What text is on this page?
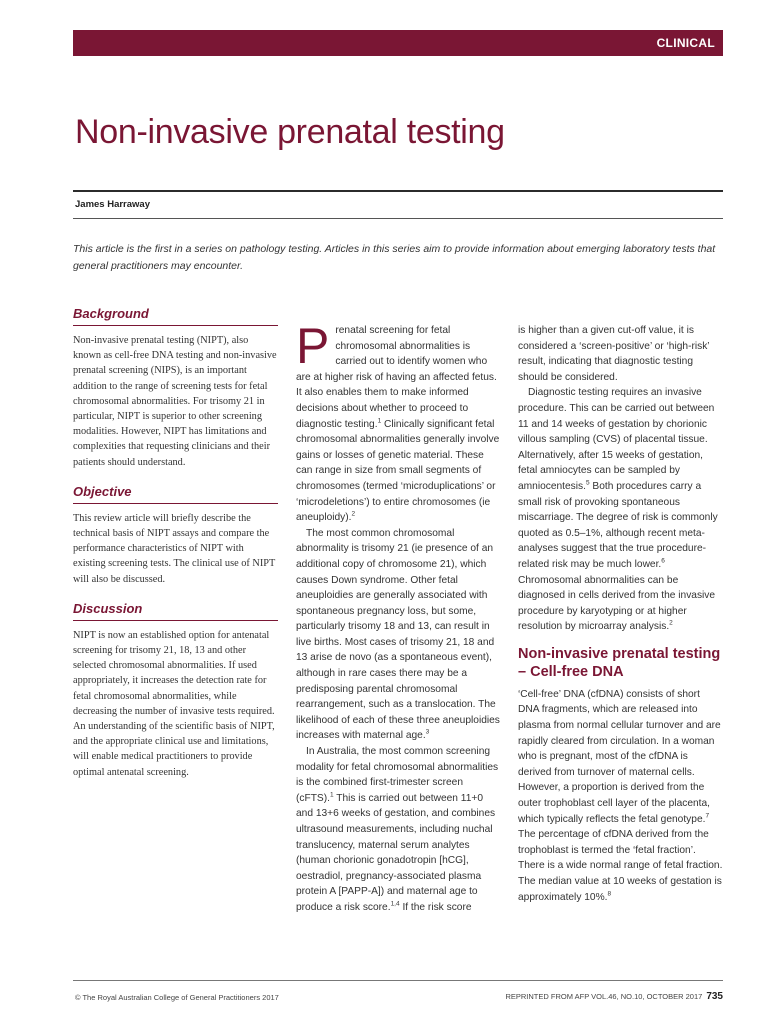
CLINICAL
Non-invasive prenatal testing
James Harraway

This article is the first in a series on pathology testing. Articles in this series aim to provide information about emerging laboratory tests that general practitioners may encounter.

Background

Non-invasive prenatal testing (NIPT), also known as cell-free DNA testing and non-invasive prenatal screening (NIPS), is an important addition to the range of screening tests for fetal chromosomal abnormalities. For trisomy 21 in particular, NIPT is superior to other screening modalities. However, NIPT has limitations and complexities that requesting clinicians and their patients should understand.

Objective

This review article will briefly describe the technical basis of NIPT assays and compare the performance characteristics of NIPT with existing screening tests. The clinical use of NIPT will also be discussed.

Discussion

NIPT is now an established option for antenatal screening for trisomy 21, 18, 13 and other selected chromosomal abnormalities. If used appropriately, it increases the detection rate for fetal chromosomal abnormalities, while decreasing the number of invasive tests required. An understanding of the scientific basis of NIPT, and the appropriate clinical use and limitations, will enable medical practitioners to provide optimal antenatal screening.

Prenatal screening for fetal chromosomal abnormalities is carried out to identify women who are at higher risk of having an affected fetus. It also enables them to make informed decisions about whether to proceed to diagnostic testing.$^1$ Clinically significant fetal chromosomal abnormalities generally involve gains or losses of genetic material. These can range in size from small segments of chromosomes (termed ‘microduplications’ or ‘microdeletions’) to entire chromosomes (ie aneuploidy).$^2$

The most common chromosomal abnormality is trisomy 21 (ie presence of an additional copy of chromosome 21), which causes Down syndrome. Other fetal aneuploidies are generally associated with spontaneous pregnancy loss, but some, particularly trisomy 18 and 13, can result in live births. Most cases of trisomy 21, 18 and 13 arise de novo (as a spontaneous event), although in rare cases there may be a predisposing parental chromosomal rearrangement, such as a translocation. The likelihood of each of these three aneuploidies increases with maternal age.$^3$

In Australia, the most common screening modality for fetal chromosomal abnormalities is the combined first-trimester screen (cFTS).$^1$ This is carried out between 11+0 and 13+6 weeks of gestation, and combines ultrasound measurements, including nuchal translucency, maternal serum analytes (human chorionic gonadotropin [hCG], oestradiol, pregnancy-associated plasma protein A [PAPP-A]) and maternal age to produce a risk score.$^{1,4}$ If the risk score

is higher than a given cut-off value, it is considered a ‘screen-positive’ or ‘high-risk’ result, indicating that diagnostic testing should be considered.

Diagnostic testing requires an invasive procedure. This can be carried out between 11 and 14 weeks of gestation by chorionic villous sampling (CVS) of placental tissue. Alternatively, after 15 weeks of gestation, fetal amniocytes can be sampled by amniocentesis.$^5$ Both procedures carry a small risk of provoking spontaneous miscarriage. The degree of risk is commonly quoted as 0.5–1%, although recent meta-analyses suggest that the true procedure-related risk may be much lower.$^6$ Chromosomal abnormalities can be diagnosed in cells derived from the invasive procedure by karyotyping or at higher resolution by microarray analysis.$^2$

Non-invasive prenatal testing – Cell-free DNA

‘Cell-free’ DNA (cfDNA) consists of short DNA fragments, which are released into plasma from normal cellular turnover and are rapidly cleared from circulation. In a woman who is pregnant, most of the cfDNA is derived from turnover of maternal cells. However, a proportion is derived from the outer trophoblast cell layer of the placenta, which typically reflects the fetal genotype.$^7$ The percentage of cfDNA derived from the trophoblast is termed the ‘fetal fraction’. There is a wide normal range of fetal fraction. The median value at 10 weeks of gestation is approximately 10%.$^8$

© The Royal Australian College of General Practitioners 2017	REPRINTED FROM AFP VOL.46, NO.10, OCTOBER 2017 735
